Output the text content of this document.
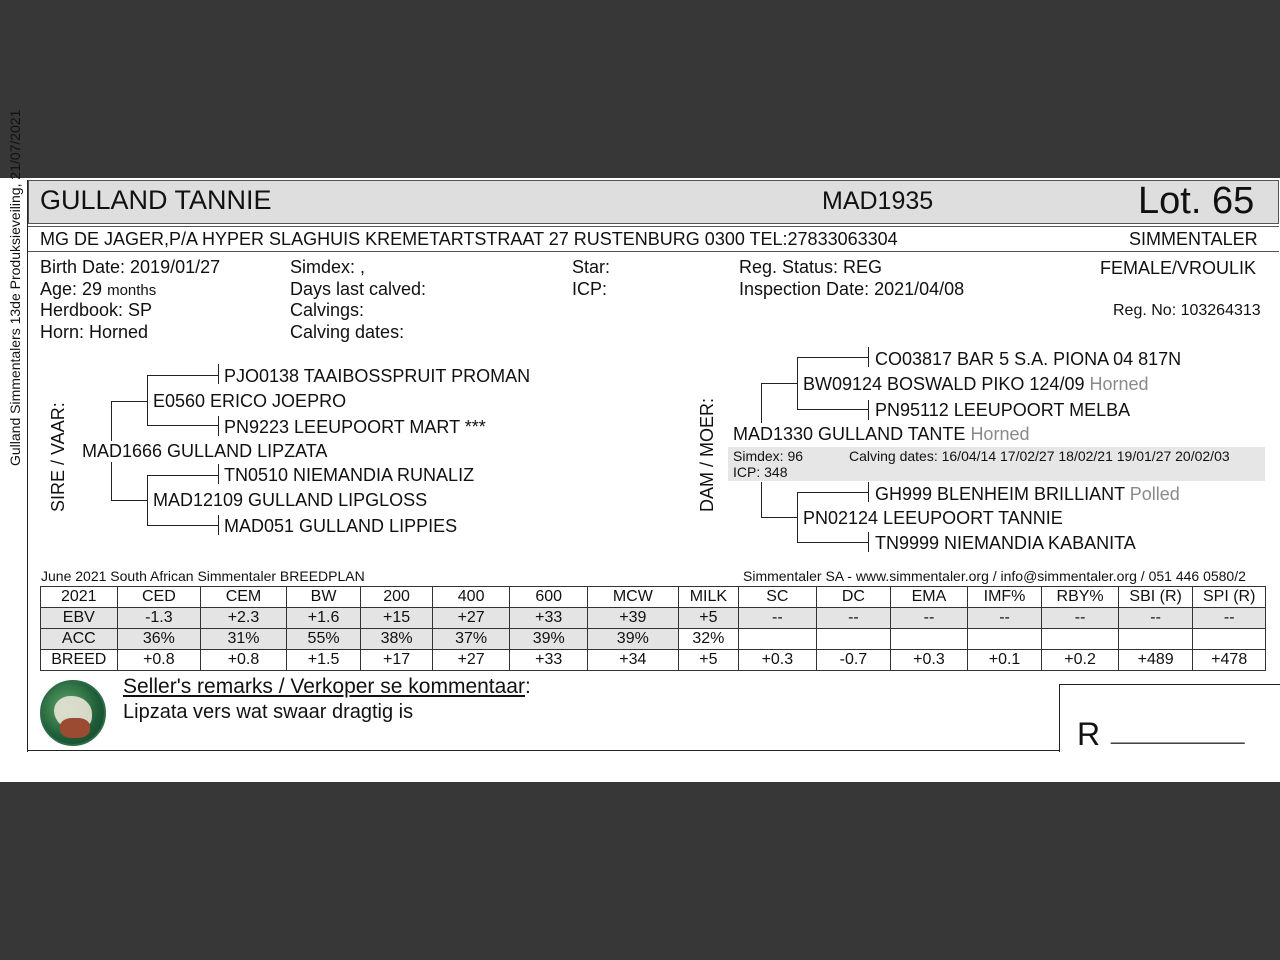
Gulland Simmentalers 13de Produksieveiling, 21/07/2021 GULLAND TANNIE	MAD1935	Lot. 65
MG DE JAGER,P/A HYPER SLAGHUIS KREMETARTSTRAAT 27 RUSTENBURG 0300 TEL:27833063304	SIMMENTALER
Birth Date: 2019/01/27
Age: 29 months
Herdbook: SP
Horn: Horned
Simdex: ,
Days last calved:
Calvings:
Calving dates:
Star:
ICP:
Reg. Status: REG
Inspection Date: 2021/04/08
FEMALE/VROULIK
Reg. No: 103264313
SIRE / VAAR:
PJO0138 TAAIBOSSPRUIT PROMAN
E0560 ERICO JOEPRO
PN9223 LEEUPOORT MART ***
MAD1666 GULLAND LIPZATA
TN0510 NIEMANDIA RUNALIZ
MAD12109 GULLAND LIPGLOSS
MAD051 GULLAND LIPPIES
DAM / MOER:
CO03817 BAR 5 S.A. PIONA 04 817N
BW09124 BOSWALD PIKO 124/09 Horned
PN95112 LEEUPOORT MELBA
MAD1330 GULLAND TANTE Horned
Simdex: 96
ICP: 348
Calving dates: 16/04/14 17/02/27 18/02/21 19/01/27 20/02/03
GH999 BLENHEIM BRILLIANT Polled
PN02124 LEEUPOORT TANNIE
TN9999 NIEMANDIA KABANITA
June 2021 South African Simmentaler BREEDPLAN	Simmentaler SA - www.simmentaler.org / info@simmentaler.org / 051 446 0580/2
2021	CED	CEM	BW	200	400	600	MCW	MILK	SC	DC	EMA	IMF%	RBY%	SBI (R)	SPI (R)
EBV	-1.3	+2.3	+1.6	+15	+27	+33	+39	+5	--	--	--	--	--	--	--
ACC	36%	31%	55%	38%	37%	39%	39%	32%							
BREED	+0.8	+0.8	+1.5	+17	+27	+33	+34	+5	+0.3	-0.7	+0.3	+0.1	+0.2	+489	+478
Seller's remarks / Verkoper se kommentaar:
Lipzata vers wat swaar dragtig is
R __________
